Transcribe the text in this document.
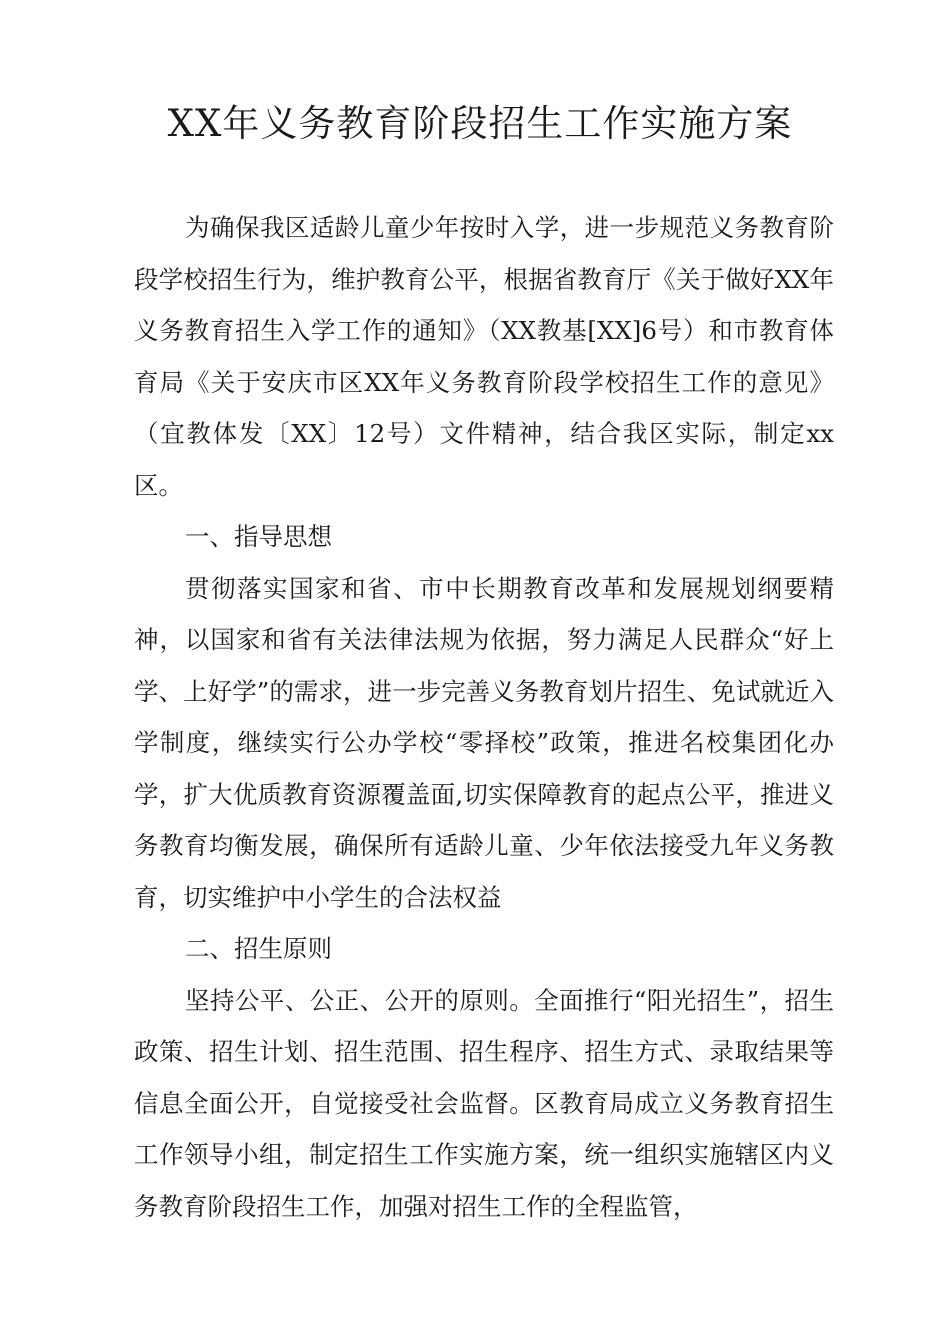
XX年义务教育阶段招生工作实施方案

为确保我区适龄儿童少年按时入学，进一步规范义务教育阶段学校招生行为，维护教育公平，根据省教育厅《关于做好XX年义务教育招生入学工作的通知》（XX教基[XX]6号）和市教育体育局《关于安庆市区XX年义务教育阶段学校招生工作的意见》（宜教体发〔XX〕12号）文件精神，结合我区实际，制定xx区。

一、指导思想

贯彻落实国家和省、市中长期教育改革和发展规划纲要精神，以国家和省有关法律法规为依据，努力满足人民群众“好上学、上好学”的需求，进一步完善义务教育划片招生、免试就近入学制度，继续实行公办学校“零择校”政策，推进名校集团化办学，扩大优质教育资源覆盖面,切实保障教育的起点公平，推进义务教育均衡发展，确保所有适龄儿童、少年依法接受九年义务教育，切实维护中小学生的合法权益

二、招生原则

坚持公平、公正、公开的原则。全面推行“阳光招生”，招生政策、招生计划、招生范围、招生程序、招生方式、录取结果等信息全面公开，自觉接受社会监督。区教育局成立义务教育招生工作领导小组，制定招生工作实施方案，统一组织实施辖区内义务教育阶段招生工作，加强对招生工作的全程监管，
